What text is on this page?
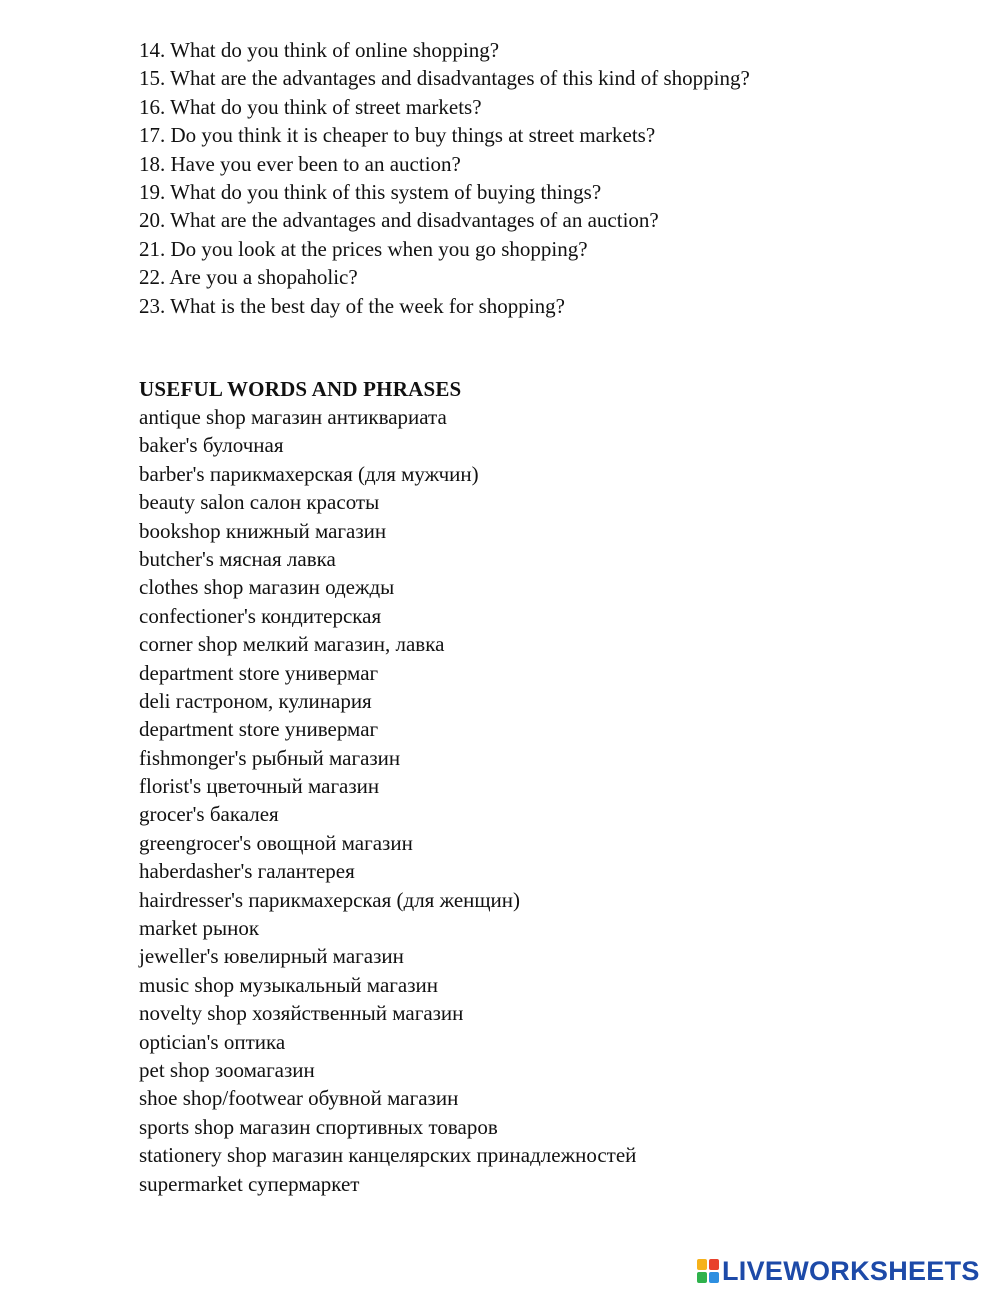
14. What do you think of online shopping?
15. What are the advantages and disadvantages of this kind of shopping?
16. What do you think of street markets?
17. Do you think it is cheaper to buy things at street markets?
18. Have you ever been to an auction?
19. What do you think of this system of buying things?
20. What are the advantages and disadvantages of an auction?
21. Do you look at the prices when you go shopping?
22. Are you a shopaholic?
23. What is the best day of the week for shopping?
USEFUL WORDS AND PHRASES
antique shop магазин антиквариата
baker's булочная
barber's парикмахерская (для мужчин)
beauty salon салон красоты
bookshop книжный магазин
butcher's мясная лавка
clothes shop магазин одежды
confectioner's кондитерская
corner shop мелкий магазин, лавка
department store универмаг
deli гастроном, кулинария
department store универмаг
fishmonger's рыбный магазин
florist's цветочный магазин
grocer's бакалея
greengrocer's овощной магазин
haberdasher's галантерея
hairdresser's парикмахерская (для женщин)
market рынок
jeweller's ювелирный магазин
music shop музыкальный магазин
novelty shop хозяйственный магазин
optician's оптика
pet shop зоомагазин
shoe shop/footwear обувной магазин
sports shop магазин спортивных товаров
stationery shop магазин канцелярских принадлежностей
supermarket супермаркет
LIVEWORKSHEETS
